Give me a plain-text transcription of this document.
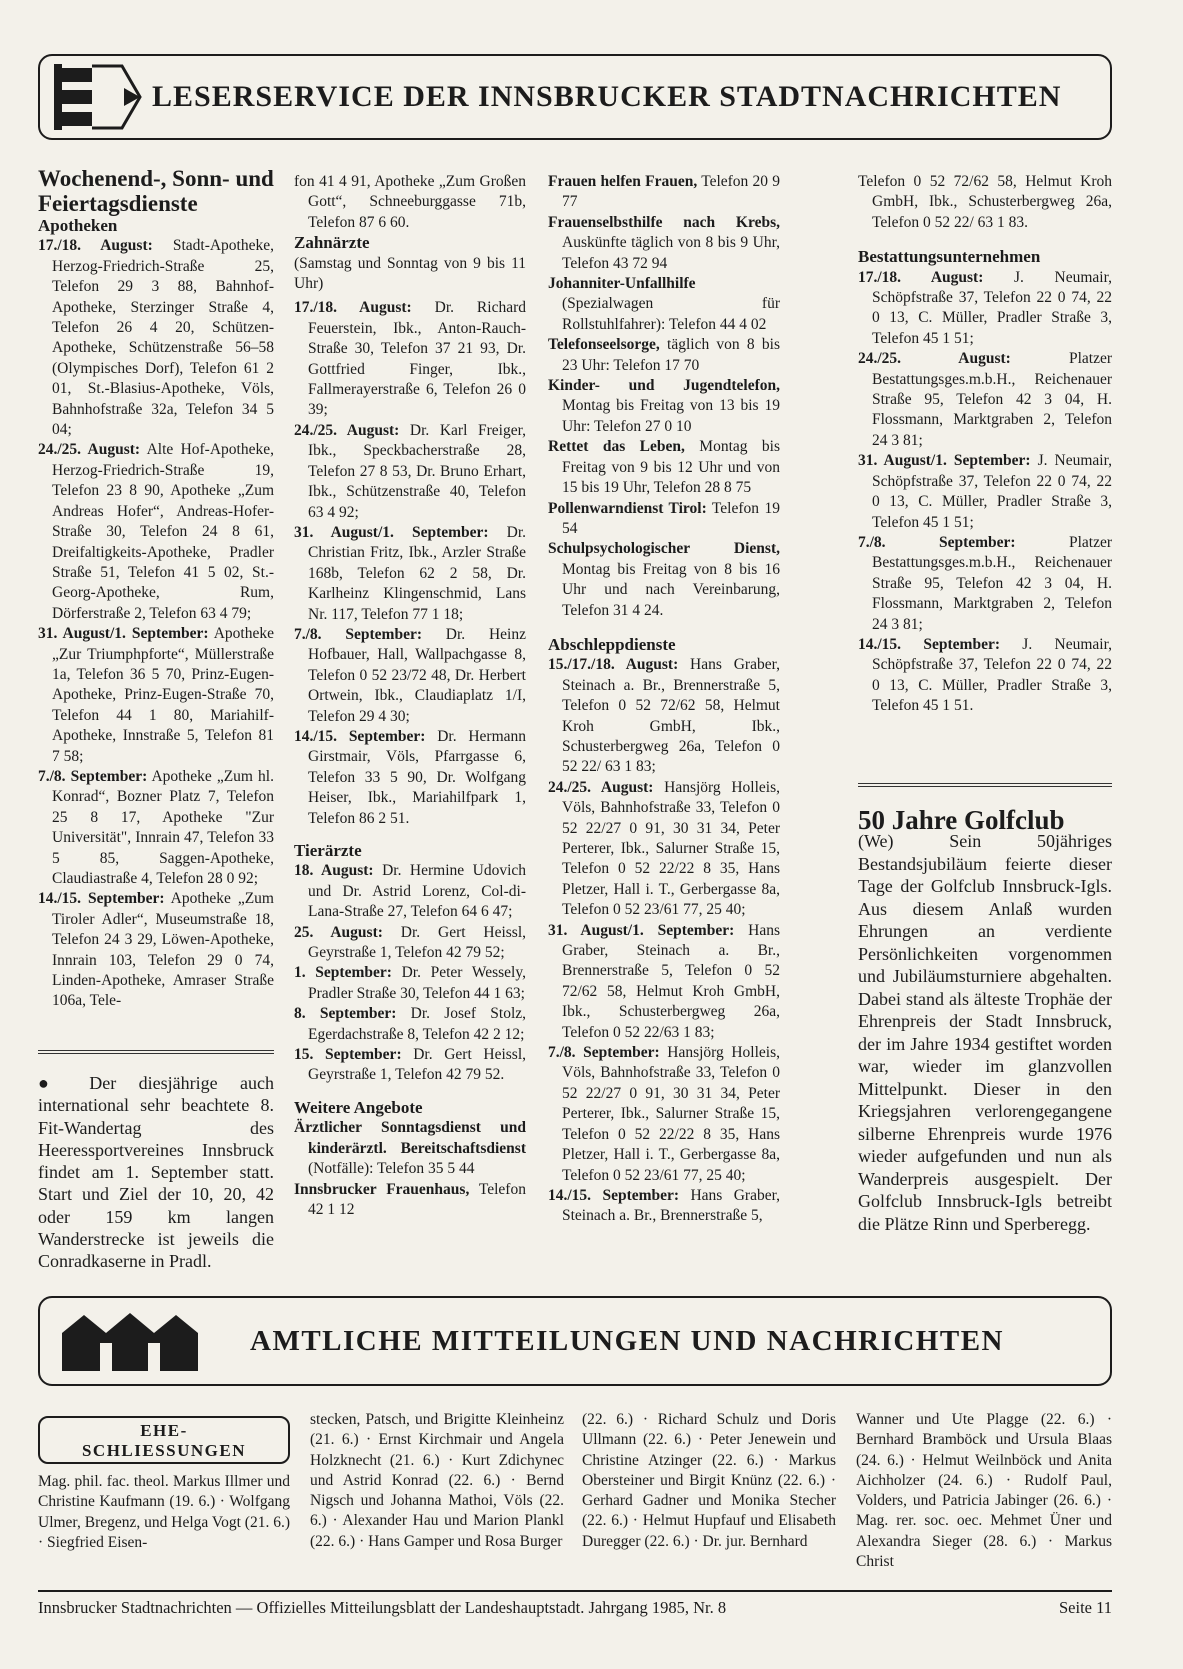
LESERSERVICE DER INNSBRUCKER STADTNACHRICHTEN

Wochenend-, Sonn- und Feiertagsdienste

Apotheken

17./18. August: Stadt-Apotheke, Herzog-Friedrich-Straße 25, Telefon 29 3 88, Bahnhof-Apotheke, Sterzinger Straße 4, Telefon 26 4 20, Schützen-Apotheke, Schützenstraße 56–58 (Olympisches Dorf), Telefon 61 2 01, St.-Blasius-Apotheke, Völs, Bahnhofstraße 32a, Telefon 34 5 04;

24./25. August: Alte Hof-Apotheke, Herzog-Friedrich-Straße 19, Telefon 23 8 90, Apotheke „Zum Andreas Hofer“, Andreas-Hofer-Straße 30, Telefon 24 8 61, Dreifaltigkeits-Apotheke, Pradler Straße 51, Telefon 41 5 02, St.-Georg-Apotheke, Rum, Dörferstraße 2, Telefon 63 4 79;

31. August/1. September: Apotheke „Zur Triumphpforte“, Müllerstraße 1a, Telefon 36 5 70, Prinz-Eugen-Apotheke, Prinz-Eugen-Straße 70, Telefon 44 1 80, Mariahilf-Apotheke, Innstraße 5, Telefon 81 7 58;

7./8. September: Apotheke „Zum hl. Konrad“, Bozner Platz 7, Telefon 25 8 17, Apotheke "Zur Universität", Innrain 47, Telefon 33 5 85, Saggen-Apotheke, Claudiastraße 4, Telefon 28 0 92;

14./15. September: Apotheke „Zum Tiroler Adler“, Museumstraße 18, Telefon 24 3 29, Löwen-Apotheke, Innrain 103, Telefon 29 0 74, Linden-Apotheke, Amraser Straße 106a, Tele-

● Der diesjährige auch international sehr beachtete 8. Fit-Wandertag des Heeressportvereines Innsbruck findet am 1. September statt. Start und Ziel der 10, 20, 42 oder 159 km langen Wanderstrecke ist jeweils die Conradkaserne in Pradl.

fon 41 4 91, Apotheke „Zum Großen Gott“, Schneeburggasse 71b, Telefon 87 6 60.

Zahnärzte

(Samstag und Sonntag von 9 bis 11 Uhr)

17./18. August: Dr. Richard Feuerstein, Ibk., Anton-Rauch-Straße 30, Telefon 37 21 93, Dr. Gottfried Finger, Ibk., Fallmerayerstraße 6, Telefon 26 0 39;

24./25. August: Dr. Karl Freiger, Ibk., Speckbacherstraße 28, Telefon 27 8 53, Dr. Bruno Erhart, Ibk., Schützenstraße 40, Telefon 63 4 92;

31. August/1. September: Dr. Christian Fritz, Ibk., Arzler Straße 168b, Telefon 62 2 58, Dr. Karlheinz Klingenschmid, Lans Nr. 117, Telefon 77 1 18;

7./8. September: Dr. Heinz Hofbauer, Hall, Wallpachgasse 8, Telefon 0 52 23/72 48, Dr. Herbert Ortwein, Ibk., Claudiaplatz 1/I, Telefon 29 4 30;

14./15. September: Dr. Hermann Girstmair, Völs, Pfarrgasse 6, Telefon 33 5 90, Dr. Wolfgang Heiser, Ibk., Mariahilfpark 1, Telefon 86 2 51.

Tierärzte

18. August: Dr. Hermine Udovich und Dr. Astrid Lorenz, Col-di-Lana-Straße 27, Telefon 64 6 47;

25. August: Dr. Gert Heissl, Geyrstraße 1, Telefon 42 79 52;

1. September: Dr. Peter Wessely, Pradler Straße 30, Telefon 44 1 63;

8. September: Dr. Josef Stolz, Egerdachstraße 8, Telefon 42 2 12;

15. September: Dr. Gert Heissl, Geyrstraße 1, Telefon 42 79 52.

Weitere Angebote

Ärztlicher Sonntagsdienst und kinderärztl. Bereitschaftsdienst (Notfälle): Telefon 35 5 44

Innsbrucker Frauenhaus, Telefon 42 1 12

Frauen helfen Frauen, Telefon 20 9 77

Frauenselbsthilfe nach Krebs, Auskünfte täglich von 8 bis 9 Uhr, Telefon 43 72 94

Johanniter-Unfallhilfe (Spezialwagen für Rollstuhlfahrer): Telefon 44 4 02

Telefonseelsorge, täglich von 8 bis 23 Uhr: Telefon 17 70

Kinder- und Jugendtelefon, Montag bis Freitag von 13 bis 19 Uhr: Telefon 27 0 10

Rettet das Leben, Montag bis Freitag von 9 bis 12 Uhr und von 15 bis 19 Uhr, Telefon 28 8 75

Pollenwarndienst Tirol: Telefon 19 54

Schulpsychologischer Dienst, Montag bis Freitag von 8 bis 16 Uhr und nach Vereinbarung, Telefon 31 4 24.

Abschleppdienste

15./17./18. August: Hans Graber, Steinach a. Br., Brennerstraße 5, Telefon 0 52 72/62 58, Helmut Kroh GmbH, Ibk., Schusterbergweg 26a, Telefon 0 52 22/ 63 1 83;

24./25. August: Hansjörg Holleis, Völs, Bahnhofstraße 33, Telefon 0 52 22/27 0 91, 30 31 34, Peter Perterer, Ibk., Salurner Straße 15, Telefon 0 52 22/22 8 35, Hans Pletzer, Hall i. T., Gerbergasse 8a, Telefon 0 52 23/61 77, 25 40;

31. August/1. September: Hans Graber, Steinach a. Br., Brennerstraße 5, Telefon 0 52 72/62 58, Helmut Kroh GmbH, Ibk., Schusterbergweg 26a, Telefon 0 52 22/63 1 83;

7./8. September: Hansjörg Holleis, Völs, Bahnhofstraße 33, Telefon 0 52 22/27 0 91, 30 31 34, Peter Perterer, Ibk., Salurner Straße 15, Telefon 0 52 22/22 8 35, Hans Pletzer, Hall i. T., Gerbergasse 8a, Telefon 0 52 23/61 77, 25 40;

14./15. September: Hans Graber, Steinach a. Br., Brennerstraße 5,

Telefon 0 52 72/62 58, Helmut Kroh GmbH, Ibk., Schusterbergweg 26a, Telefon 0 52 22/ 63 1 83.

Bestattungsunternehmen

17./18. August: J. Neumair, Schöpfstraße 37, Telefon 22 0 74, 22 0 13, C. Müller, Pradler Straße 3, Telefon 45 1 51;

24./25. August:	Platzer Bestattungsges.m.b.H., Reichenauer Straße 95, Telefon 42 3 04, H. Flossmann, Marktgraben 2, Telefon 24 3 81;

31. August/1. September: J. Neumair, Schöpfstraße 37, Telefon 22 0 74, 22 0 13, C. Müller, Pradler Straße 3, Telefon 45 1 51;

7./8. September:	Platzer Bestattungsges.m.b.H., Reichenauer Straße 95, Telefon 42 3 04, H. Flossmann, Marktgraben 2, Telefon 24 3 81;

14./15. September: J. Neumair, Schöpfstraße 37, Telefon 22 0 74, 22 0 13, C. Müller, Pradler Straße 3, Telefon 45 1 51.

50 Jahre Golfclub

(We) Sein 50jähriges Bestandsjubiläum feierte dieser Tage der Golfclub Innsbruck-Igls. Aus diesem Anlaß wurden Ehrungen an verdiente Persönlichkeiten vorgenommen und Jubiläumsturniere abgehalten. Dabei stand als älteste Trophäe der Ehrenpreis der Stadt Innsbruck, der im Jahre 1934 gestiftet worden war, wieder im glanzvollen Mittelpunkt. Dieser in den Kriegsjahren verlorengegangene silberne Ehrenpreis wurde 1976 wieder aufgefunden und nun als Wanderpreis ausgespielt. Der Golfclub Innsbruck-Igls betreibt die Plätze Rinn und Sperberegg.

AMTLICHE MITTEILUNGEN UND NACHRICHTEN
EHE-
SCHLIESSUNGEN

Mag. phil. fac. theol. Markus Illmer und Christine Kaufmann (19. 6.) · Wolfgang Ulmer, Bregenz, und Helga Vogt (21. 6.) · Siegfried Eisen-

stecken, Patsch, und Brigitte Kleinheinz (21. 6.) · Ernst Kirchmair und Angela Holzknecht (21. 6.) · Kurt Zdichynec und Astrid Konrad (22. 6.) · Bernd Nigsch und Johanna Mathoi, Völs (22. 6.) · Alexander Hau und Marion Plankl (22. 6.) · Hans Gamper und Rosa Burger

(22. 6.) · Richard Schulz und Doris Ullmann (22. 6.) · Peter Jenewein und Christine Atzinger (22. 6.) · Markus Obersteiner und Birgit Knünz (22. 6.) · Gerhard Gadner und Monika Stecher (22. 6.) · Helmut Hupfauf und Elisabeth Duregger (22. 6.) · Dr. jur. Bernhard

Wanner und Ute Plagge (22. 6.) · Bernhard Bramböck und Ursula Blaas (24. 6.) · Helmut Weilnböck und Anita Aichholzer (24. 6.) · Rudolf Paul, Volders, und Patricia Jabinger (26. 6.) · Mag. rer. soc. oec. Mehmet Üner und Alexandra Sieger (28. 6.) · Markus Christ

Innsbrucker Stadtnachrichten — Offizielles Mitteilungsblatt der Landeshauptstadt. Jahrgang 1985, Nr. 8	Seite 11
